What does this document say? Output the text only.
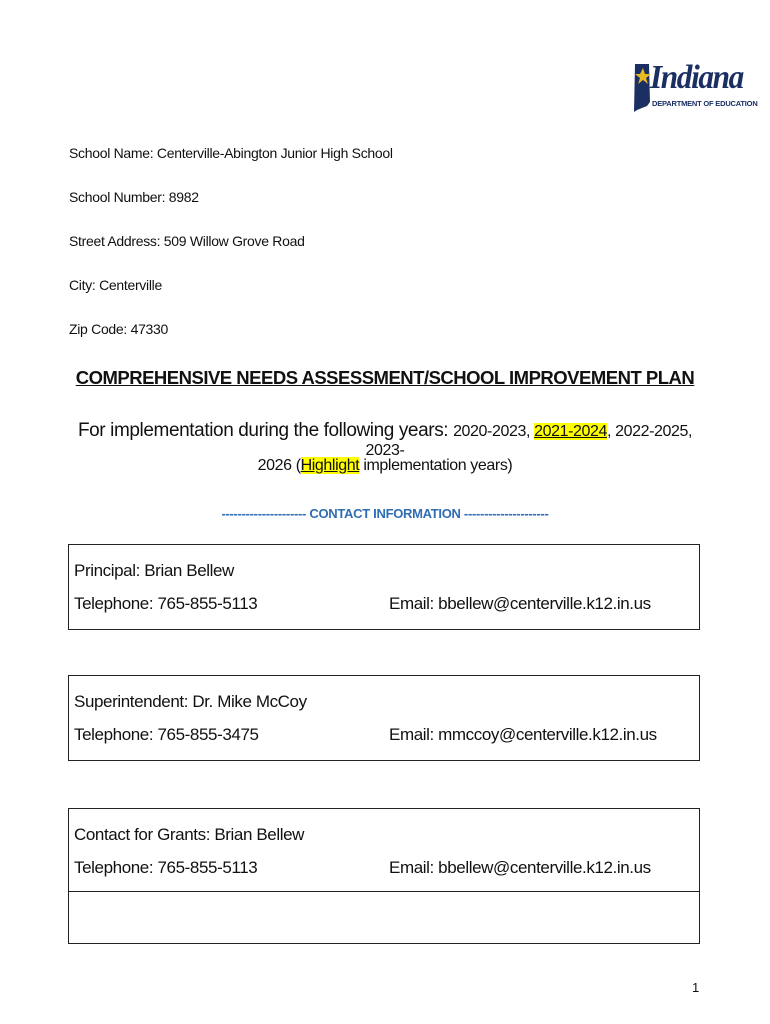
Indiana
DEPARTMENT OF EDUCATION
School Name: Centerville-Abington Junior High School
School Number: 8982
Street Address: 509 Willow Grove Road
City: Centerville
Zip Code: 47330
COMPREHENSIVE NEEDS ASSESSMENT/SCHOOL IMPROVEMENT PLAN
For implementation during the following years: 2020-2023, 2021-2024, 2022-2025, 2023-
2026 (Highlight implementation years)
--------------------- CONTACT INFORMATION ---------------------
Principal: Brian Bellew
Telephone: 765-855-5113	Email: bbellew@centerville.k12.in.us
Superintendent: Dr. Mike McCoy
Telephone: 765-855-3475	Email: mmccoy@centerville.k12.in.us
Contact for Grants: Brian Bellew
Telephone: 765-855-5113	Email: bbellew@centerville.k12.in.us
1
